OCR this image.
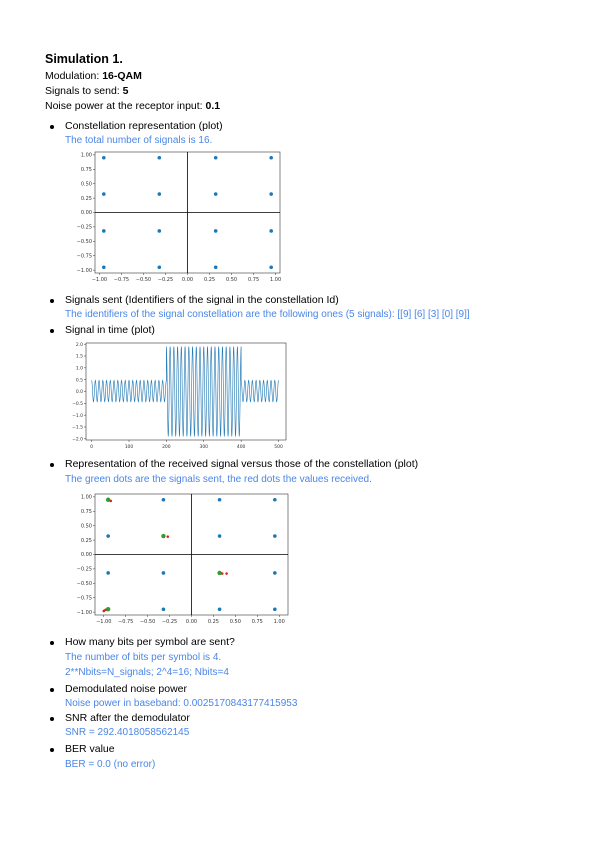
Simulation 1.
Modulation: 16-QAM
Signals to send: 5
Noise power at the receptor input: 0.1
Constellation representation (plot)
The total number of signals is 16.
−1.00 −0.75 −0.50 −0.25 0.00 0.25 0.50 0.75 1.00
1.00
0.75
0.50
0.25
0.00
−0.25
−0.50
−0.75
−1.00
Signals sent (Identifiers of the signal in the constellation Id)
The identifiers of the signal constellation are the following ones (5 signals): [[9] [6] [3] [0] [9]]
Signal in time (plot)
0	100	200	300	400	500
2.0
1.5
1.0
0.5
0.0
−0.5
−1.0
−1.5
−2.0
Representation of the received signal versus those of the constellation (plot)
The green dots are the signals sent, the red dots the values received.
−1.00 −0.75 −0.50 −0.25 0.00 0.25 0.50 0.75 1.00
1.00
0.75
0.50
0.25
0.00
−0.25
−0.50
−0.75
−1.00
How many bits per symbol are sent?
The number of bits per symbol is 4.
2**Nbits=N_signals; 2^4=16; Nbits=4
Demodulated noise power
Noise power in baseband: 0.0025170843177415953
SNR after the demodulator
SNR = 292.4018058562145
BER value
BER = 0.0 (no error)
